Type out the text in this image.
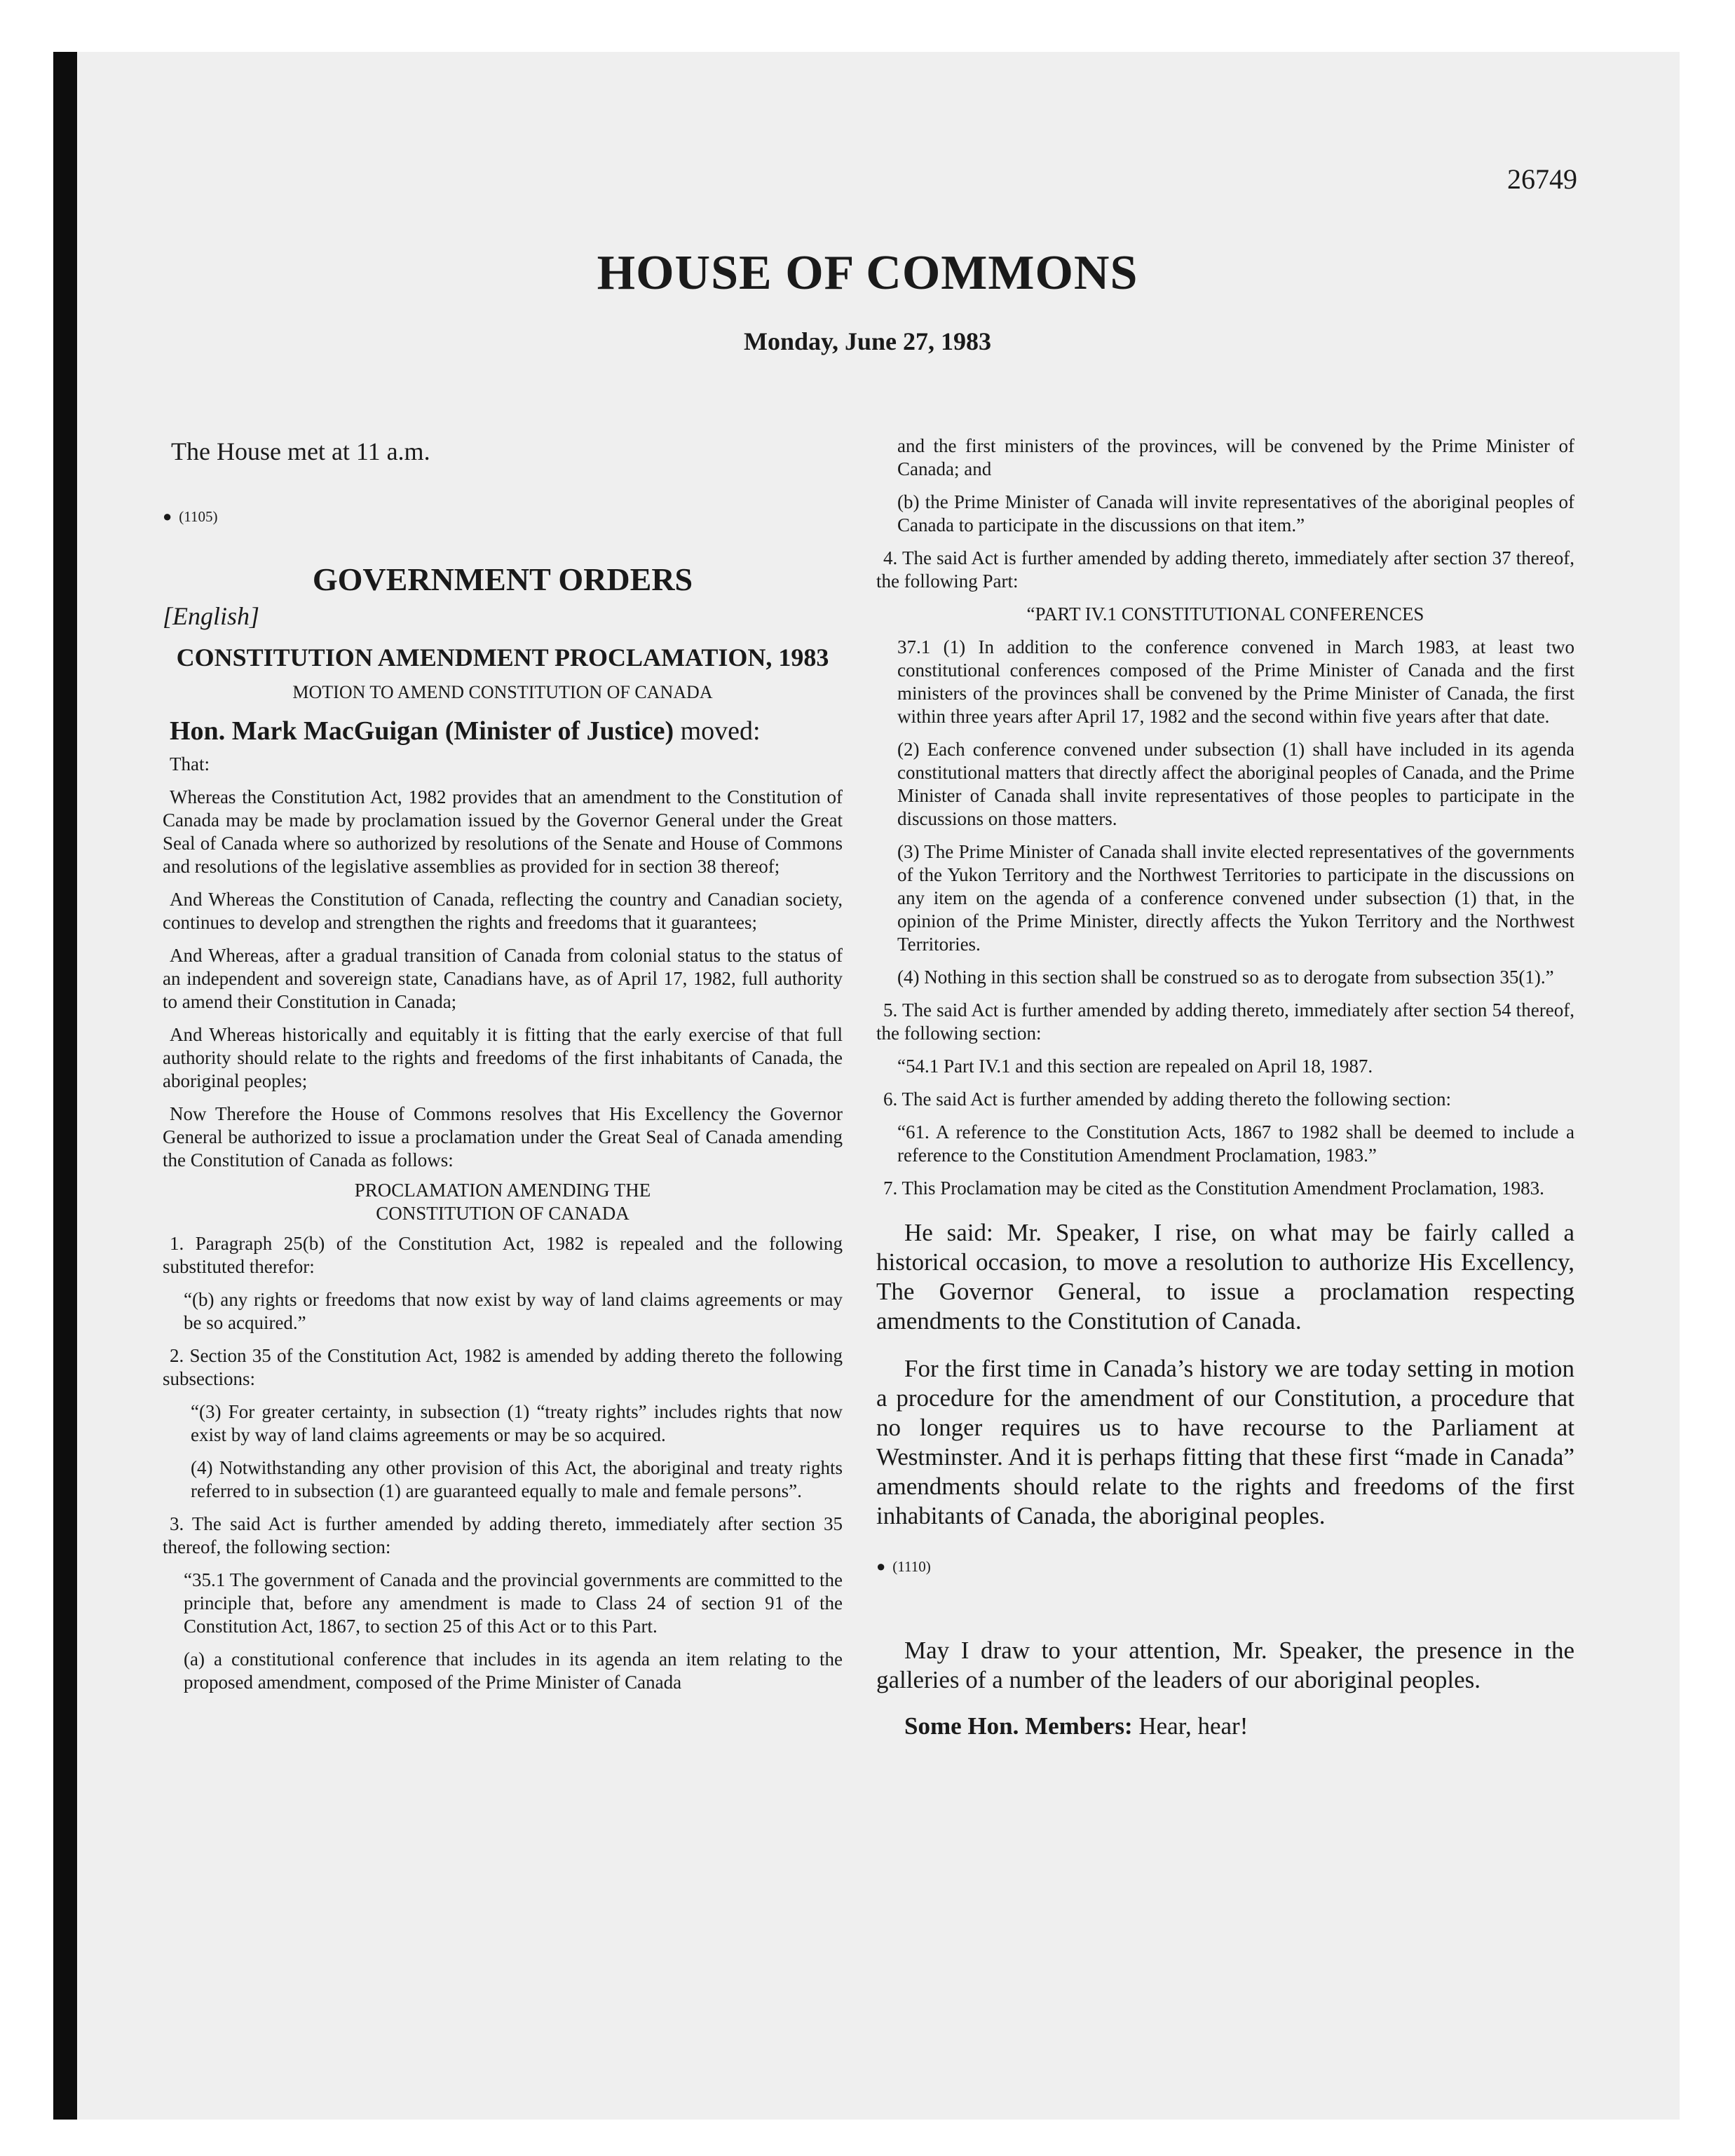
26749
HOUSE OF COMMONS
Monday, June 27, 1983

The House met at 11 a.m.

● (1105)

GOVERNMENT ORDERS

[English]

CONSTITUTION AMENDMENT PROCLAMATION, 1983

MOTION TO AMEND CONSTITUTION OF CANADA

Hon. Mark MacGuigan (Minister of Justice) moved:

That:

Whereas the Constitution Act, 1982 provides that an amendment to the Constitution of Canada may be made by proclamation issued by the Governor General under the Great Seal of Canada where so authorized by resolutions of the Senate and House of Commons and resolutions of the legislative assemblies as provided for in section 38 thereof;

And Whereas the Constitution of Canada, reflecting the country and Canadian society, continues to develop and strengthen the rights and freedoms that it guarantees;

And Whereas, after a gradual transition of Canada from colonial status to the status of an independent and sovereign state, Canadians have, as of April 17, 1982, full authority to amend their Constitution in Canada;

And Whereas historically and equitably it is fitting that the early exercise of that full authority should relate to the rights and freedoms of the first inhabitants of Canada, the aboriginal peoples;

Now Therefore the House of Commons resolves that His Excellency the Governor General be authorized to issue a proclamation under the Great Seal of Canada amending the Constitution of Canada as follows:

PROCLAMATION AMENDING THE CONSTITUTION OF CANADA

1. Paragraph 25(b) of the Constitution Act, 1982 is repealed and the following substituted therefor:

“(b) any rights or freedoms that now exist by way of land claims agreements or may be so acquired.”

2. Section 35 of the Constitution Act, 1982 is amended by adding thereto the following subsections:

“(3) For greater certainty, in subsection (1) “treaty rights” includes rights that now exist by way of land claims agreements or may be so acquired.

(4) Notwithstanding any other provision of this Act, the aboriginal and treaty rights referred to in subsection (1) are guaranteed equally to male and female persons”.

3. The said Act is further amended by adding thereto, immediately after section 35 thereof, the following section:

“35.1 The government of Canada and the provincial governments are committed to the principle that, before any amendment is made to Class 24 of section 91 of the Constitution Act, 1867, to section 25 of this Act or to this Part.

(a) a constitutional conference that includes in its agenda an item relating to the proposed amendment, composed of the Prime Minister of Canada

and the first ministers of the provinces, will be convened by the Prime Minister of Canada; and

(b) the Prime Minister of Canada will invite representatives of the aboriginal peoples of Canada to participate in the discussions on that item.”

4. The said Act is further amended by adding thereto, immediately after section 37 thereof, the following Part:

“PART IV.1 CONSTITUTIONAL CONFERENCES

37.1 (1) In addition to the conference convened in March 1983, at least two constitutional conferences composed of the Prime Minister of Canada and the first ministers of the provinces shall be convened by the Prime Minister of Canada, the first within three years after April 17, 1982 and the second within five years after that date.

(2) Each conference convened under subsection (1) shall have included in its agenda constitutional matters that directly affect the aboriginal peoples of Canada, and the Prime Minister of Canada shall invite representatives of those peoples to participate in the discussions on those matters.

(3) The Prime Minister of Canada shall invite elected representatives of the governments of the Yukon Territory and the Northwest Territories to participate in the discussions on any item on the agenda of a conference convened under subsection (1) that, in the opinion of the Prime Minister, directly affects the Yukon Territory and the Northwest Territories.

(4) Nothing in this section shall be construed so as to derogate from subsection 35(1).”

5. The said Act is further amended by adding thereto, immediately after section 54 thereof, the following section:

“54.1 Part IV.1 and this section are repealed on April 18, 1987.

6. The said Act is further amended by adding thereto the following section:

“61. A reference to the Constitution Acts, 1867 to 1982 shall be deemed to include a reference to the Constitution Amendment Proclamation, 1983.”

7. This Proclamation may be cited as the Constitution Amendment Proclamation, 1983.

He said: Mr. Speaker, I rise, on what may be fairly called a historical occasion, to move a resolution to authorize His Excellency, The Governor General, to issue a proclamation respecting amendments to the Constitution of Canada.

For the first time in Canada’s history we are today setting in motion a procedure for the amendment of our Constitution, a procedure that no longer requires us to have recourse to the Parliament at Westminster. And it is perhaps fitting that these first “made in Canada” amendments should relate to the rights and freedoms of the first inhabitants of Canada, the aboriginal peoples.

● (1110)

May I draw to your attention, Mr. Speaker, the presence in the galleries of a number of the leaders of our aboriginal peoples.

Some Hon. Members: Hear, hear!
